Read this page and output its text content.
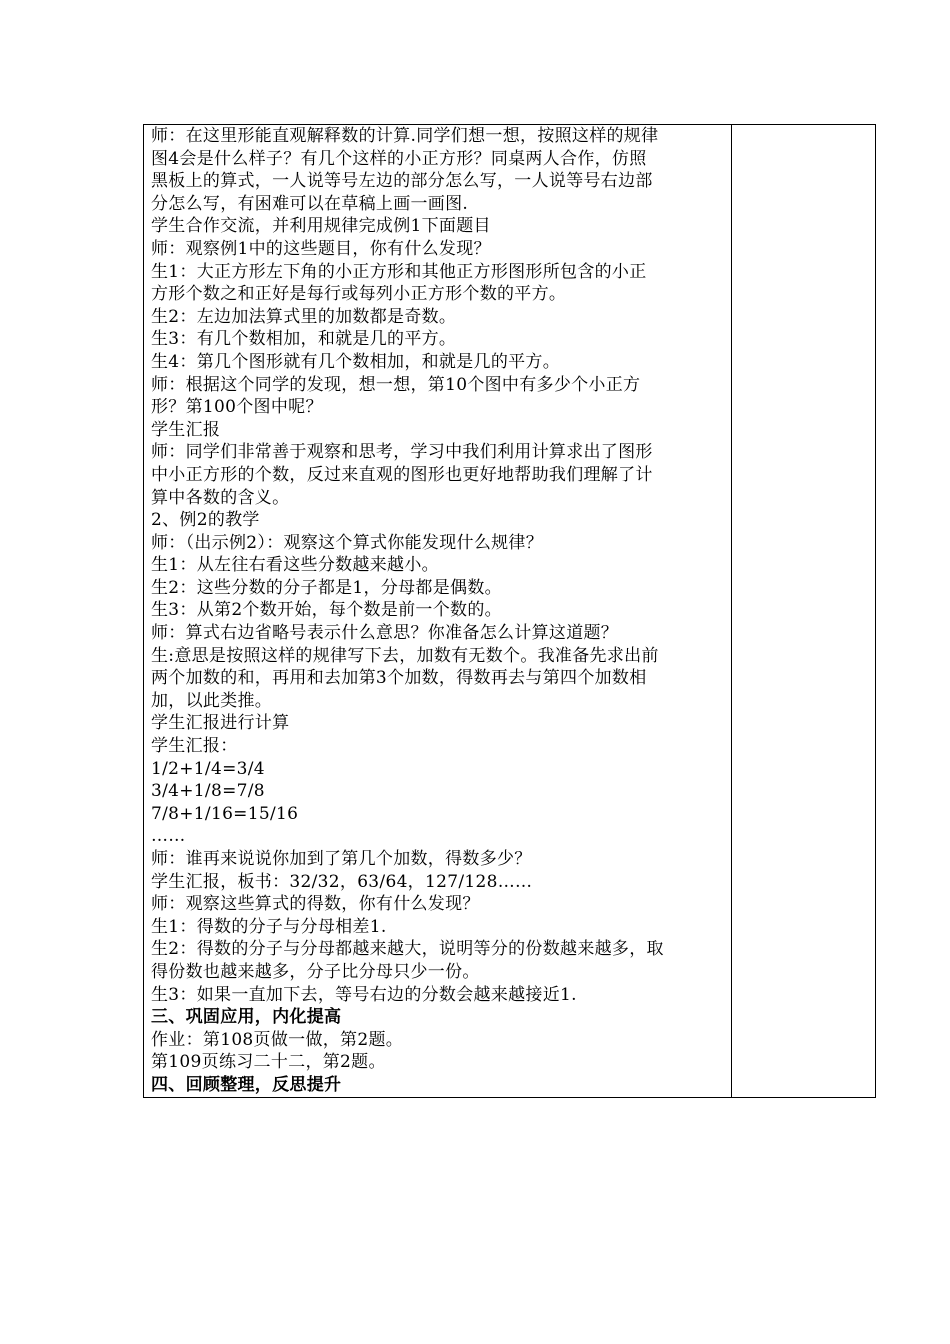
师：在这里形能直观解释数的计算.同学们想一想，按照这样的规律
图4会是什么样子？有几个这样的小正方形？同桌两人合作，仿照
黑板上的算式，一人说等号左边的部分怎么写，一人说等号右边部
分怎么写，有困难可以在草稿上画一画图.
学生合作交流，并利用规律完成例1下面题目
师：观察例1中的这些题目，你有什么发现？
生1：大正方形左下角的小正方形和其他正方形图形所包含的小正
方形个数之和正好是每行或每列小正方形个数的平方。
生2：左边加法算式里的加数都是奇数。
生3：有几个数相加，和就是几的平方。
生4：第几个图形就有几个数相加，和就是几的平方。
师：根据这个同学的发现，想一想，第10个图中有多少个小正方
形？第100个图中呢？
学生汇报
师：同学们非常善于观察和思考，学习中我们利用计算求出了图形
中小正方形的个数，反过来直观的图形也更好地帮助我们理解了计
算中各数的含义。
2、例2的教学
师：（出示例2）：观察这个算式你能发现什么规律？
生1：从左往右看这些分数越来越小。
生2：这些分数的分子都是1，分母都是偶数。
生3：从第2个数开始，每个数是前一个数的。
师：算式右边省略号表示什么意思？你准备怎么计算这道题？
生:意思是按照这样的规律写下去，加数有无数个。我准备先求出前
两个加数的和，再用和去加第3个加数，得数再去与第四个加数相
加，以此类推。
学生汇报进行计算
学生汇报：
1/2+1/4=3/4
3/4+1/8=7/8
7/8+1/16=15/16
……
师：谁再来说说你加到了第几个加数，得数多少？
学生汇报，板书：32/32，63/64，127/128……
师：观察这些算式的得数，你有什么发现？
生1：得数的分子与分母相差1.
生2：得数的分子与分母都越来越大，说明等分的份数越来越多，取
得份数也越来越多，分子比分母只少一份。
生3：如果一直加下去，等号右边的分数会越来越接近1.
三、巩固应用，内化提高
作业：第108页做一做，第2题。
第109页练习二十二，第2题。
四、回顾整理，反思提升
